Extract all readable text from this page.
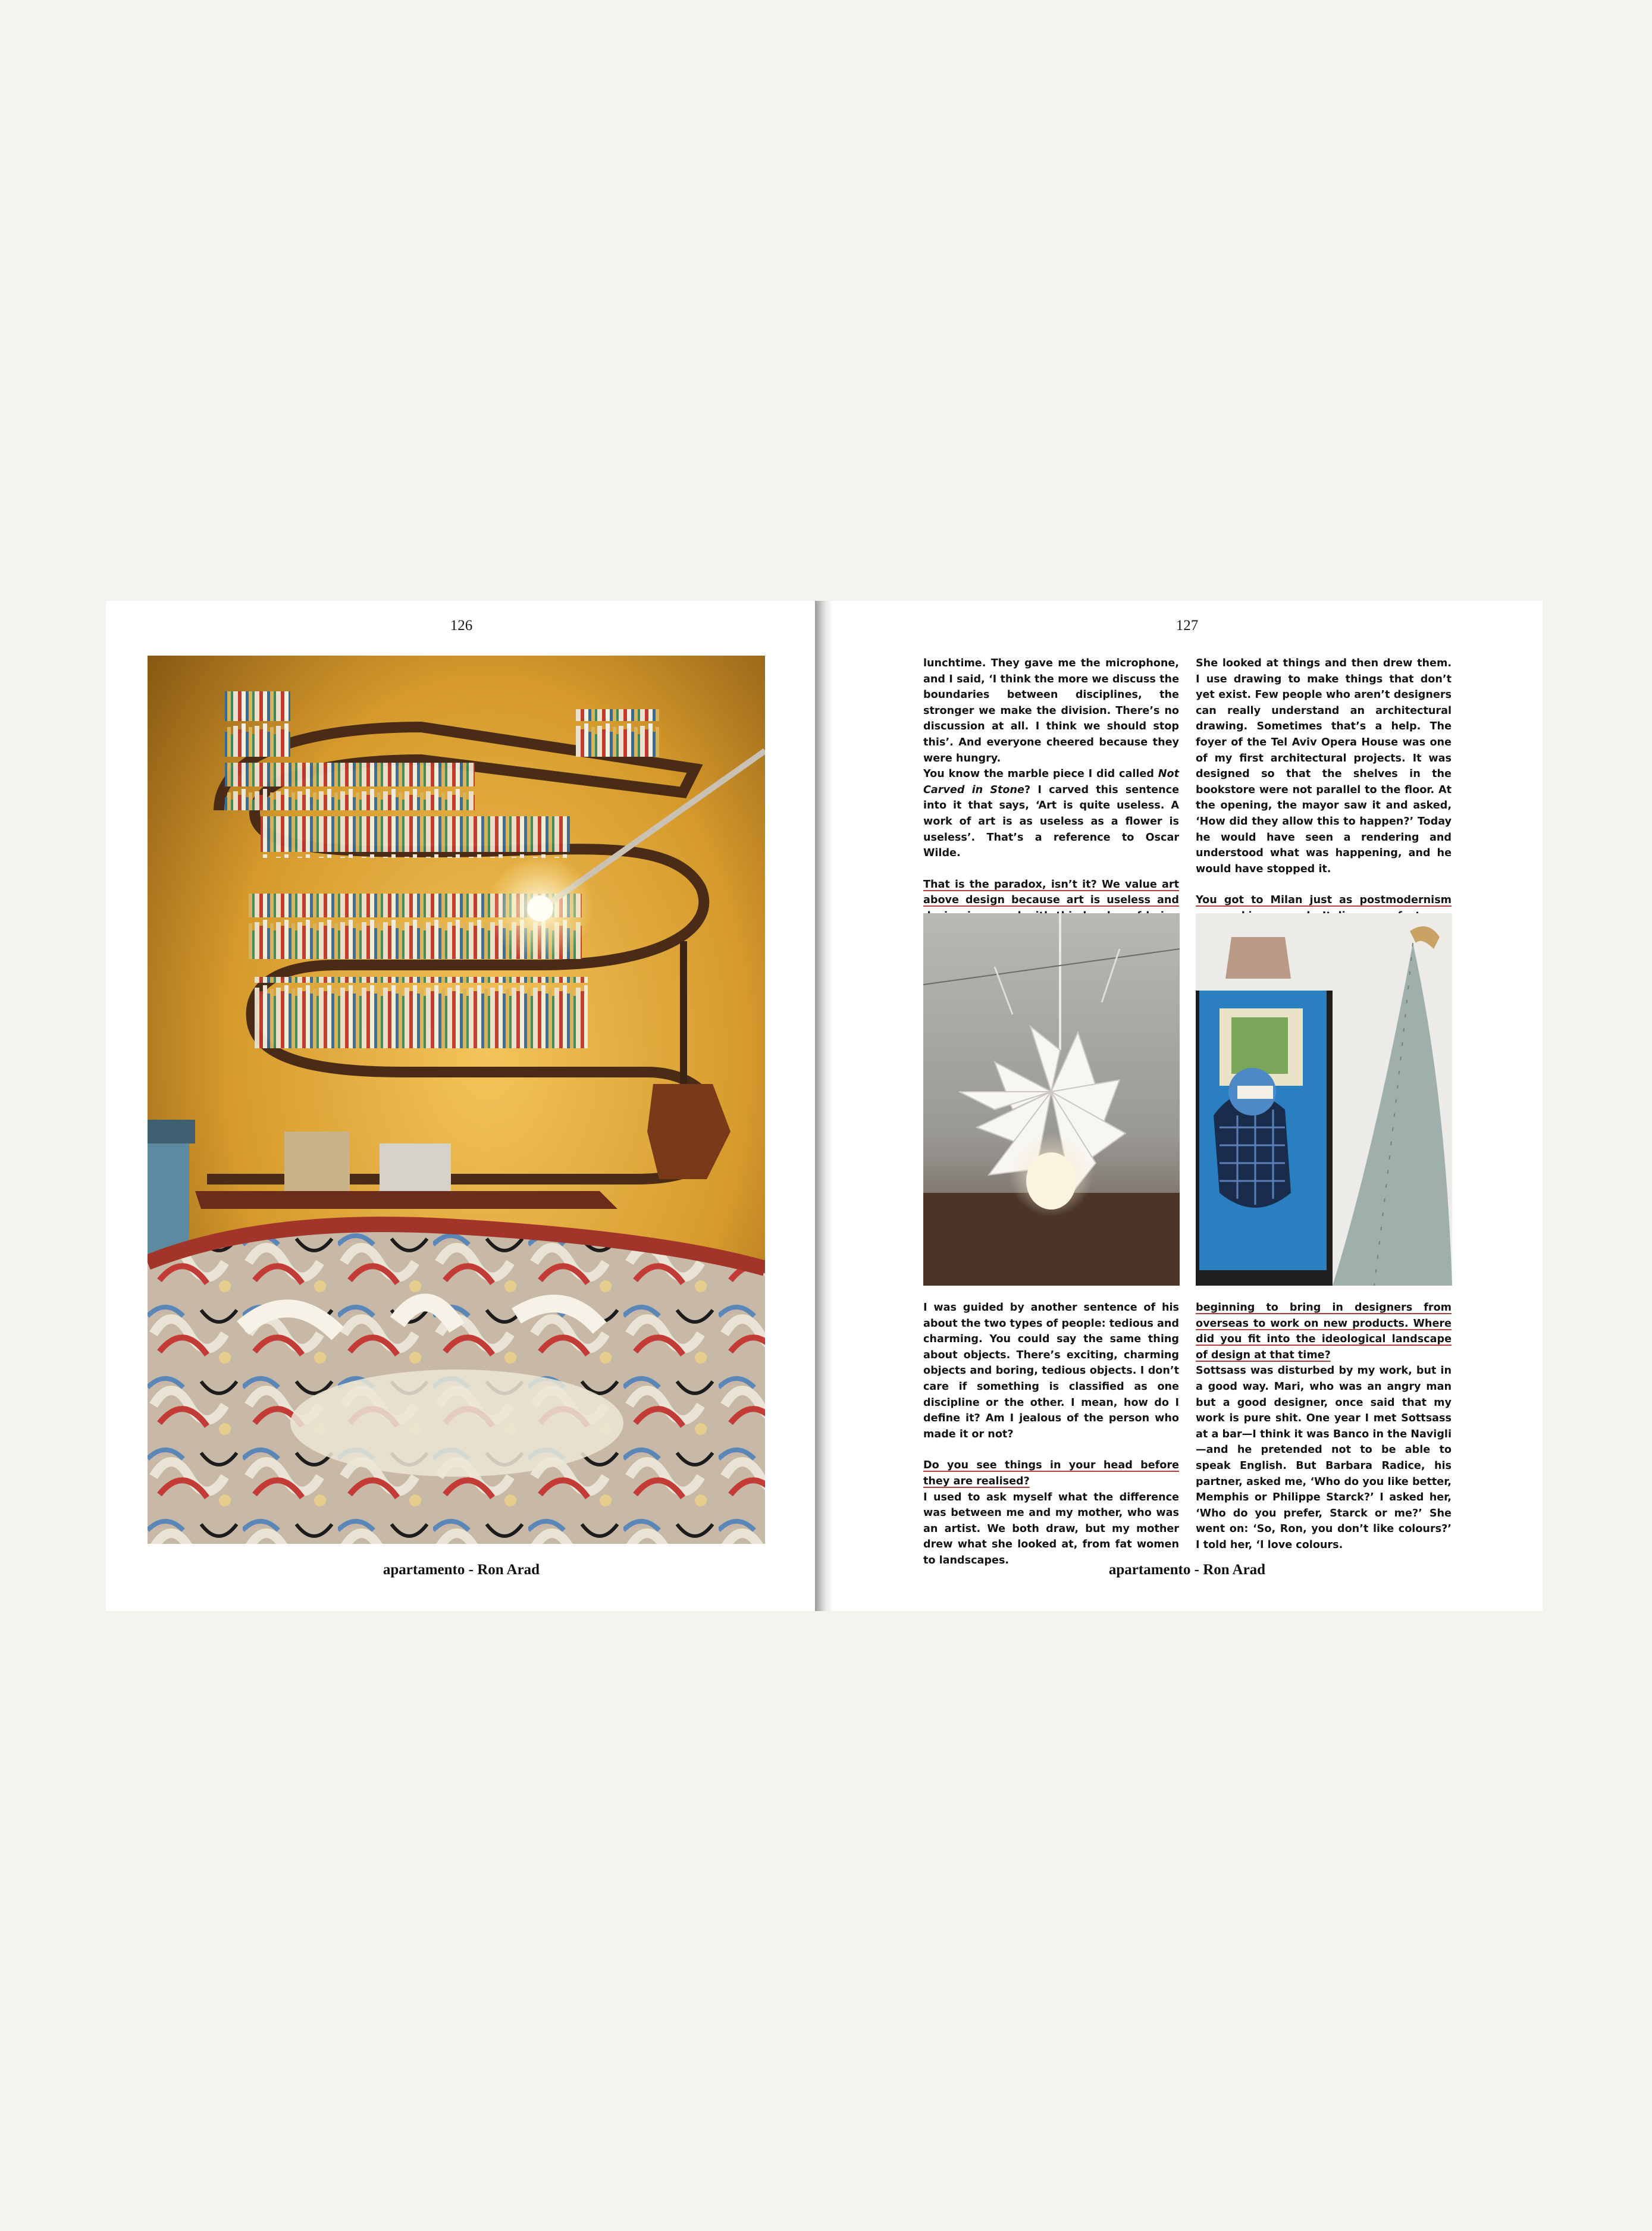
126
apartamento - Ron Arad
127

lunchtime. They gave me the microphone, and I said, ‘I think the more we discuss the boundaries between disciplines, the stronger we make the division. There’s no discussion at all. I think we should stop this’. And everyone cheered because they were hungry.

You know the marble piece I did called Not Carved in Stone? I carved this sentence into it that says, ‘Art is quite useless. A work of art is as useless as a flower is useless’. That’s a reference to Oscar Wilde.

That is the paradox, isn’t it? We value art above design because art is useless and

She looked at things and then drew them. I use drawing to make things that don’t yet exist. Few people who aren’t designers can really understand an architectural drawing. Sometimes that’s a help. The foyer of the Tel Aviv Opera House was one of my first architectural projects. It was designed so that the shelves in the bookstore were not parallel to the floor. At the opening, the mayor saw it and asked, ‘How did they allow this to happen?’ Today he would have seen a rendering and understood what was happening, and he would have stopped it.

You got to Milan just as postmodernism

I was guided by another sentence of his about the two types of people: tedious and charming. You could say the same thing about objects. There’s exciting, charming objects and boring, tedious objects. I don’t care if something is classified as one discipline or the other. I mean, how do I define it? Am I jealous of the person who made it or not?

Do you see things in your head before they are realised?

I used to ask myself what the difference was between me and my mother, who was an artist. We both draw, but my mother drew what she looked at, from fat women to landscapes.

beginning to bring in designers from overseas to work on new products. Where did you fit into the ideological landscape of design at that time?

Sottsass was disturbed by my work, but in a good way. Mari, who was an angry man but a good designer, once said that my work is pure shit. One year I met Sottsass at a bar—I think it was Banco in the Navigli—and he pretended not to be able to speak English. But Barbara Radice, his partner, asked me, ‘Who do you like better, Memphis or Philippe Starck?’ I asked her, ‘Who do you prefer, Starck or me?’ She went on: ‘So, Ron, you don’t like colours?’ I told her, ‘I love colours.

apartamento - Ron Arad
